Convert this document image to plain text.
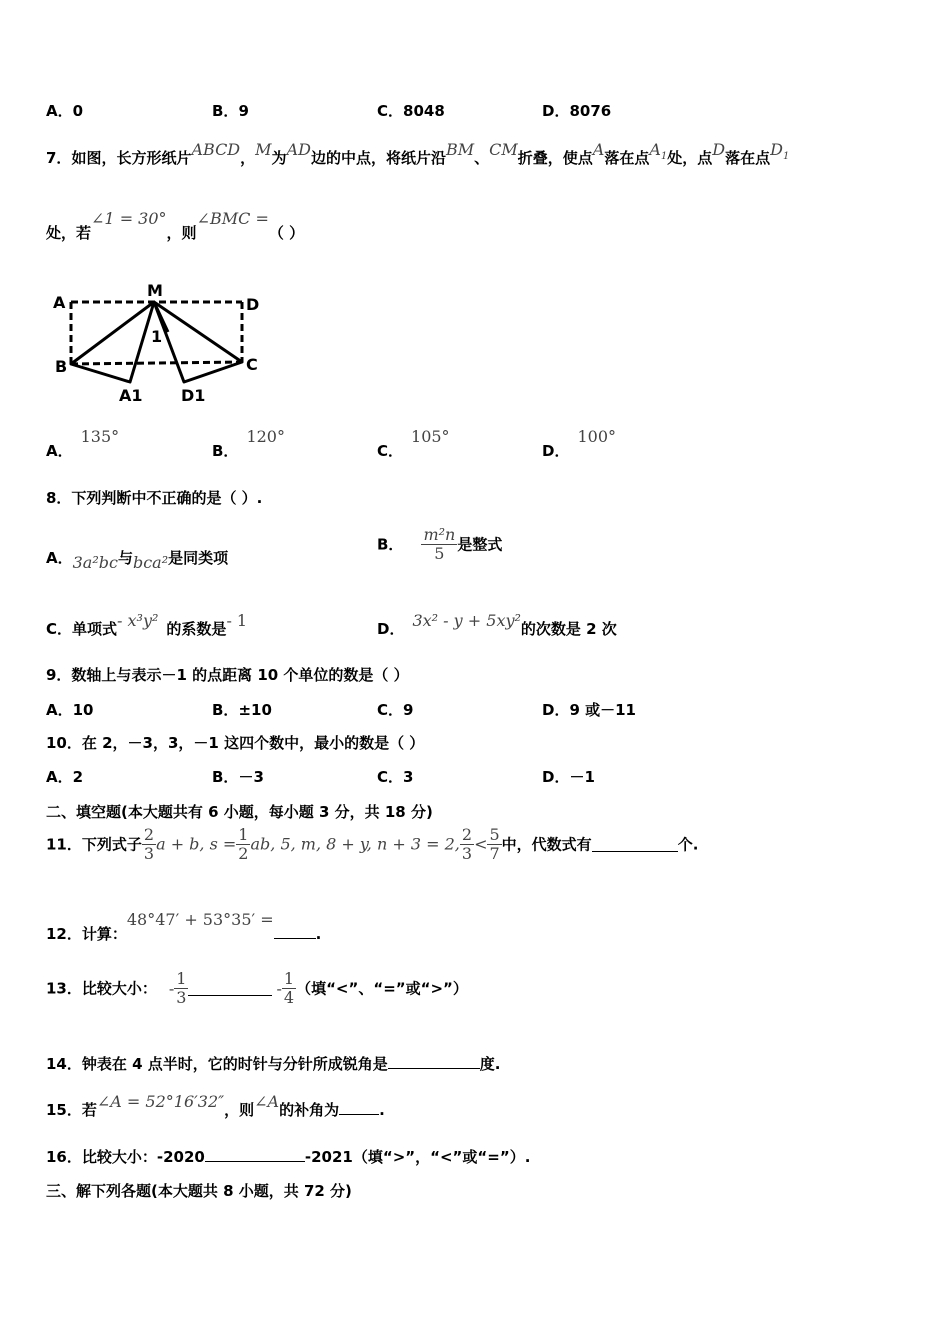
A．0	B．9	C．8048	D．8076
7．如图，长方形纸片ABCD，M为AD边的中点，将纸片沿BM、CM折叠，使点A落在点$A_1$处，点D落在点$D_1$
处，若∠1 = 30°，则∠BMC =（ ）
A
M
D
B	C
A1 D1
1
A．135°
B．120°
C．105°
D．100°
8．下列判断中不正确的是（ ）.
A．3a²bc与bca²是同类项
B． $\frac{\text{m²n}}{5}$ 是整式
C．单项式- x³y² 的系数是- 1	D． 3x² - y + 5xy²的次数是 2 次
9．数轴上与表示－1 的点距离 10 个单位的数是（ ）
A．10	B．±10	C．9	D．9 或－11
10．在 2，－3，3，－1 这四个数中，最小的数是（ ）
A．2	B．－3	C．3	D．－1
二、填空题(本大题共有 6 小题，每小题 3 分，共 18 分)
11．下列式子 $\frac{2}{3}$ a + b, $s = \frac{1}{2}$ ab, 5, m, 8 + y, n + 3 = 2, $\frac{2}{3} < \frac{5}{7}$ 中，代数式有	个.
12．计算：48°47′ + 53°35′ =.
13．比较大小： - $\frac{1}{3}$	- $\frac{1}{4}$ （填“<”、“=”或“>”）
14．钟表在 4 点半时，它的时针与分针所成锐角是	度.
15．若∠A = 52°16′32″，则∠A的补角为	.
16．比较大小：-2020	-2021（填“>”，“<”或“=”）.
三、解下列各题(本大题共 8 小题，共 72 分)
